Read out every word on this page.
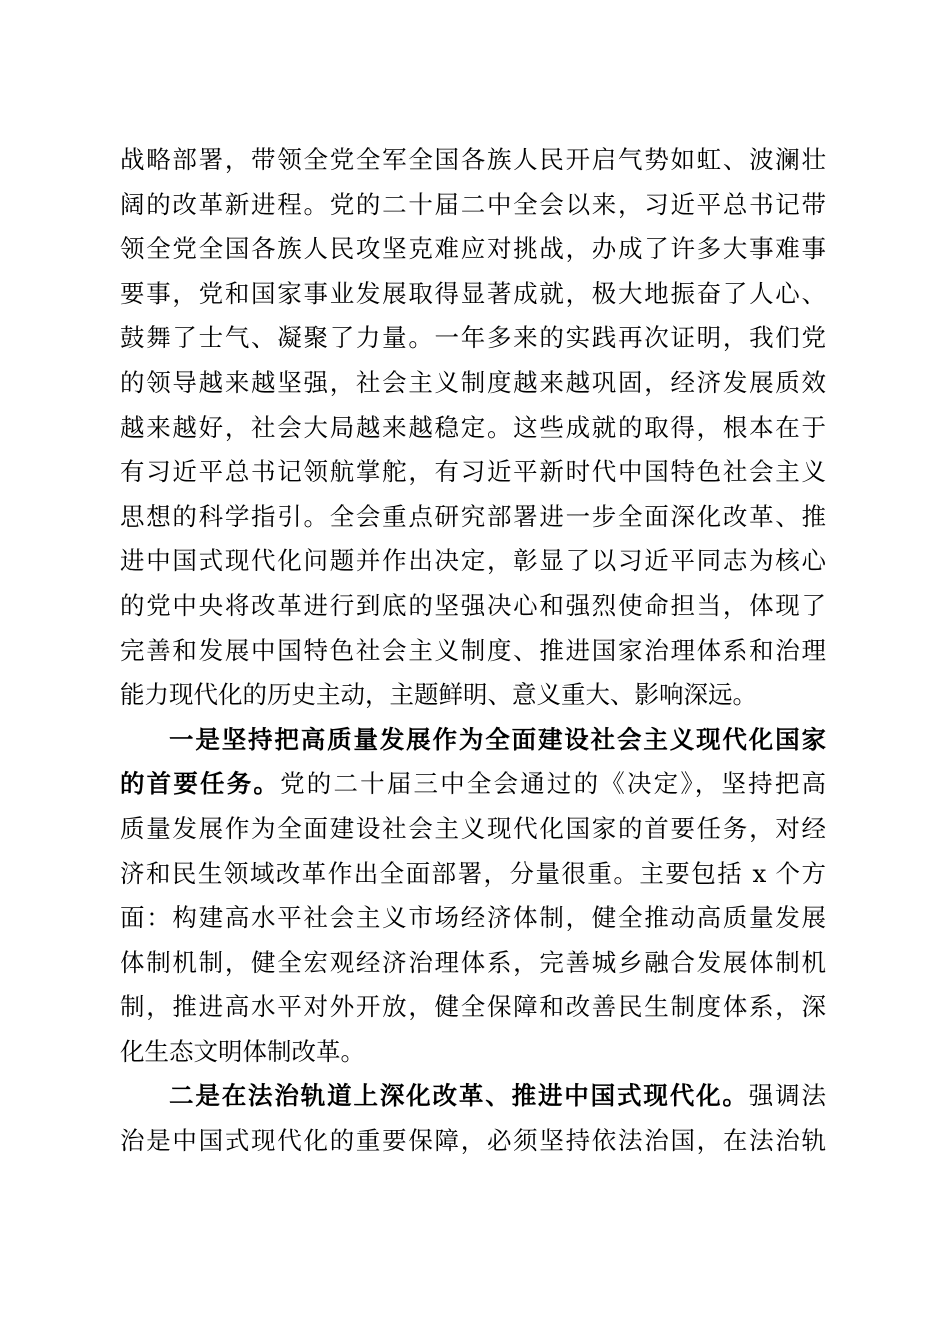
战略部署，带领全党全军全国各族人民开启气势如虹、波澜壮
阔的改革新进程。党的二十届二中全会以来，习近平总书记带
领全党全国各族人民攻坚克难应对挑战，办成了许多大事难事
要事，党和国家事业发展取得显著成就，极大地振奋了人心、
鼓舞了士气、凝聚了力量。一年多来的实践再次证明，我们党
的领导越来越坚强，社会主义制度越来越巩固，经济发展质效
越来越好，社会大局越来越稳定。这些成就的取得，根本在于
有习近平总书记领航掌舵，有习近平新时代中国特色社会主义
思想的科学指引。全会重点研究部署进一步全面深化改革、推
进中国式现代化问题并作出决定，彰显了以习近平同志为核心
的党中央将改革进行到底的坚强决心和强烈使命担当，体现了
完善和发展中国特色社会主义制度、推进国家治理体系和治理
能力现代化的历史主动，主题鲜明、意义重大、影响深远。
一是坚持把高质量发展作为全面建设社会主义现代化国家
的首要任务。党的二十届三中全会通过的《决定》，坚持把高
质量发展作为全面建设社会主义现代化国家的首要任务，对经
济和民生领域改革作出全面部署，分量很重。主要包括 x 个方
面：构建高水平社会主义市场经济体制，健全推动高质量发展
体制机制，健全宏观经济治理体系，完善城乡融合发展体制机
制，推进高水平对外开放，健全保障和改善民生制度体系，深
化生态文明体制改革。
二是在法治轨道上深化改革、推进中国式现代化。强调法
治是中国式现代化的重要保障，必须坚持依法治国，在法治轨
